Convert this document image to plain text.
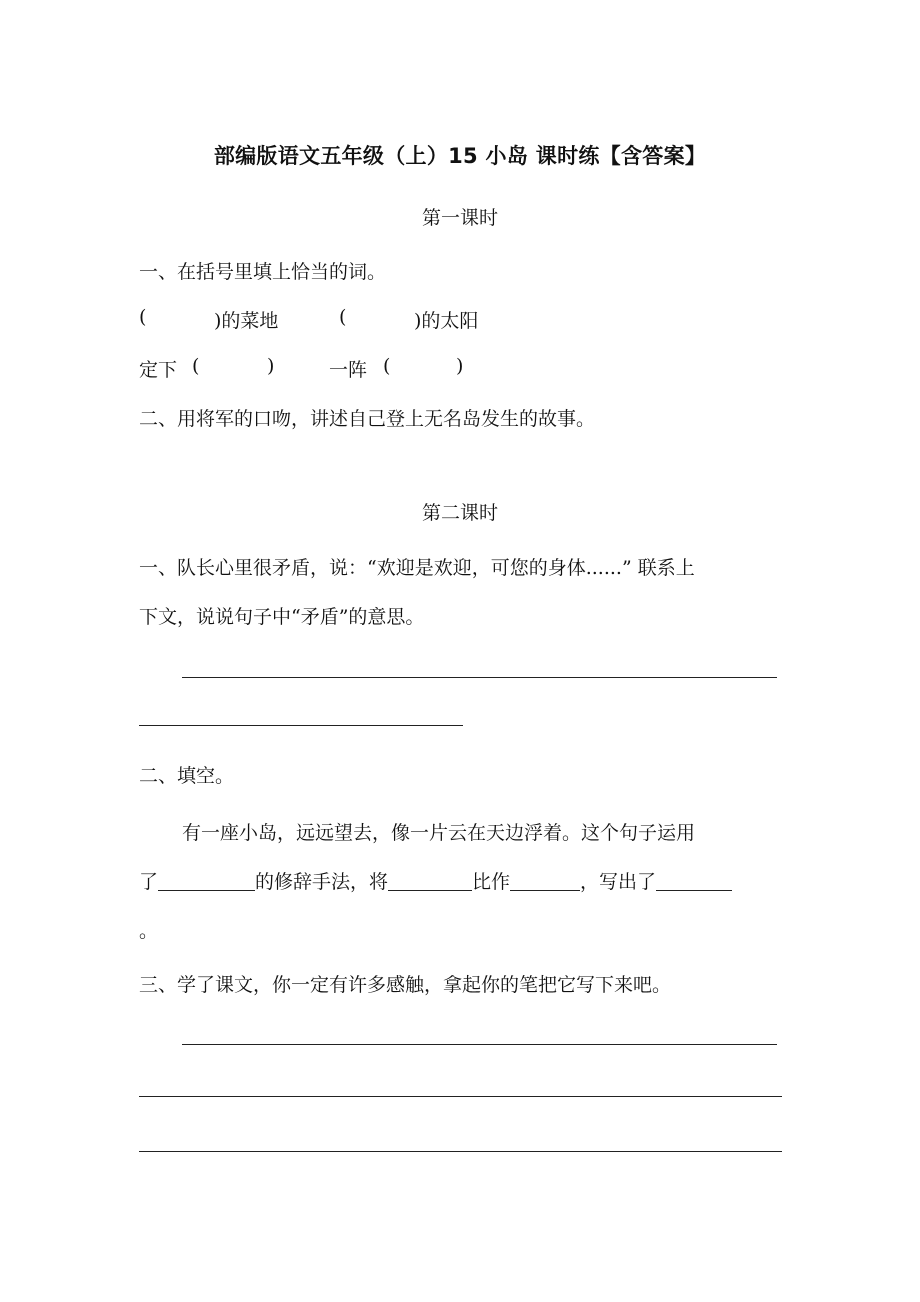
部编版语文五年级（上）15 小岛 课时练【含答案】
第一课时
一、在括号里填上恰当的词。
(	)的菜地	(	)的太阳
定下 (	)	一阵 (	)
二、用将军的口吻，讲述自己登上无名岛发生的故事。
第二课时
一、队长心里很矛盾，说：“欢迎是欢迎，可您的身体......” 联系上
下文，说说句子中“矛盾”的意思。
二、填空。
有一座小岛，远远望去，像一片云在天边浮着。这个句子运用
了	的修辞手法，将	比作	，写出了
。
三、学了课文，你一定有许多感触，拿起你的笔把它写下来吧。
